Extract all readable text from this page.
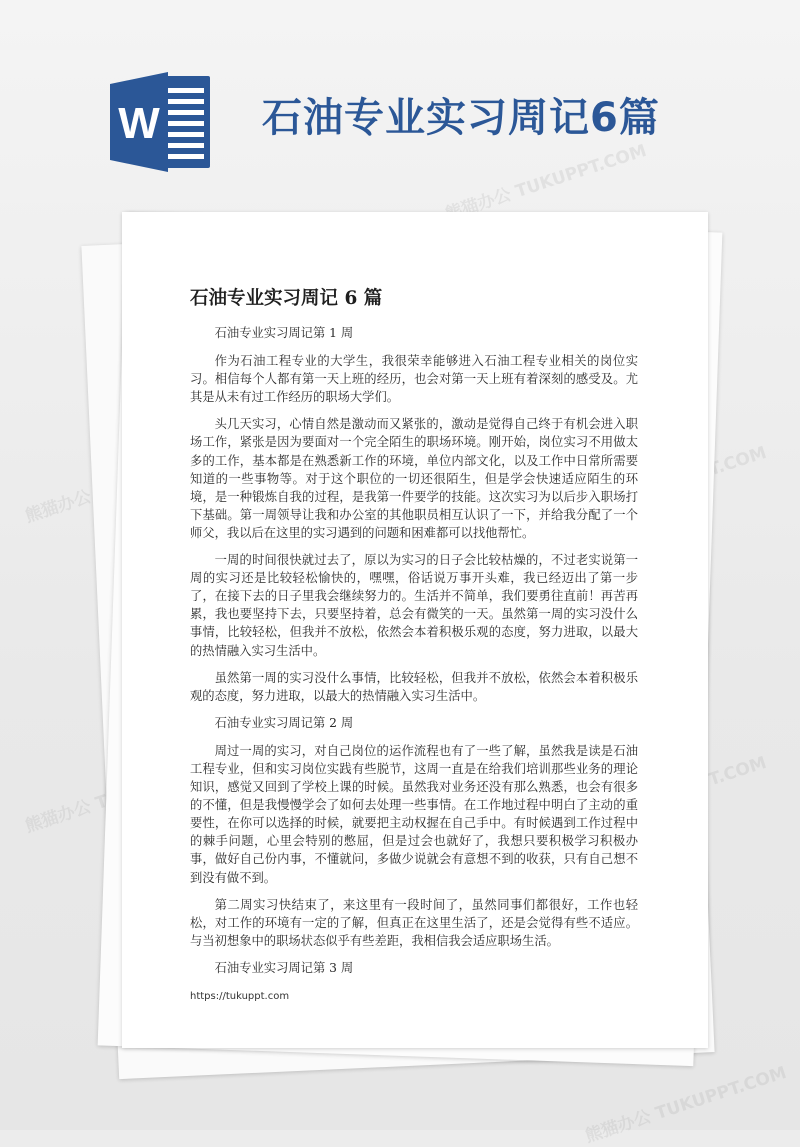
W	石油专业实习周记6篇
石油专业实习周记 6 篇

石油专业实习周记第 1 周

作为石油工程专业的大学生，我很荣幸能够进入石油工程专业相关的岗位实习。相信每个人都有第一天上班的经历，也会对第一天上班有着深刻的感受及。尤其是从未有过工作经历的职场大学们。

头几天实习，心情自然是激动而又紧张的，激动是觉得自己终于有机会进入职场工作，紧张是因为要面对一个完全陌生的职场环境。刚开始，岗位实习不用做太多的工作，基本都是在熟悉新工作的环境，单位内部文化，以及工作中日常所需要知道的一些事物等。对于这个职位的一切还很陌生，但是学会快速适应陌生的环境，是一种锻炼自我的过程，是我第一件要学的技能。这次实习为以后步入职场打下基础。第一周领导让我和办公室的其他职员相互认识了一下，并给我分配了一个师父，我以后在这里的实习遇到的问题和困难都可以找他帮忙。

一周的时间很快就过去了，原以为实习的日子会比较枯燥的，不过老实说第一周的实习还是比较轻松愉快的，嘿嘿，俗话说万事开头难，我已经迈出了第一步了，在接下去的日子里我会继续努力的。生活并不简单，我们要勇往直前！再苦再累，我也要坚持下去，只要坚持着，总会有微笑的一天。虽然第一周的实习没什么事情，比较轻松，但我并不放松，依然会本着积极乐观的态度，努力进取，以最大的热情融入实习生活中。

虽然第一周的实习没什么事情，比较轻松，但我并不放松，依然会本着积极乐观的态度，努力进取，以最大的热情融入实习生活中。

石油专业实习周记第 2 周

周过一周的实习，对自己岗位的运作流程也有了一些了解，虽然我是读是石油工程专业，但和实习岗位实践有些脱节，这周一直是在给我们培训那些业务的理论知识，感觉又回到了学校上课的时候。虽然我对业务还没有那么熟悉，也会有很多的不懂，但是我慢慢学会了如何去处理一些事情。在工作地过程中明白了主动的重要性，在你可以选择的时候，就要把主动权握在自己手中。有时候遇到工作过程中的棘手问题，心里会特别的憋屈，但是过会也就好了，我想只要积极学习积极办事，做好自己份内事，不懂就问，多做少说就会有意想不到的收获，只有自己想不到没有做不到。

第二周实习快结束了，来这里有一段时间了，虽然同事们都很好，工作也轻松，对工作的环境有一定的了解，但真正在这里生活了，还是会觉得有些不适应。与当初想象中的职场状态似乎有些差距，我相信我会适应职场生活。

石油专业实习周记第 3 周

https://tukuppt.com
